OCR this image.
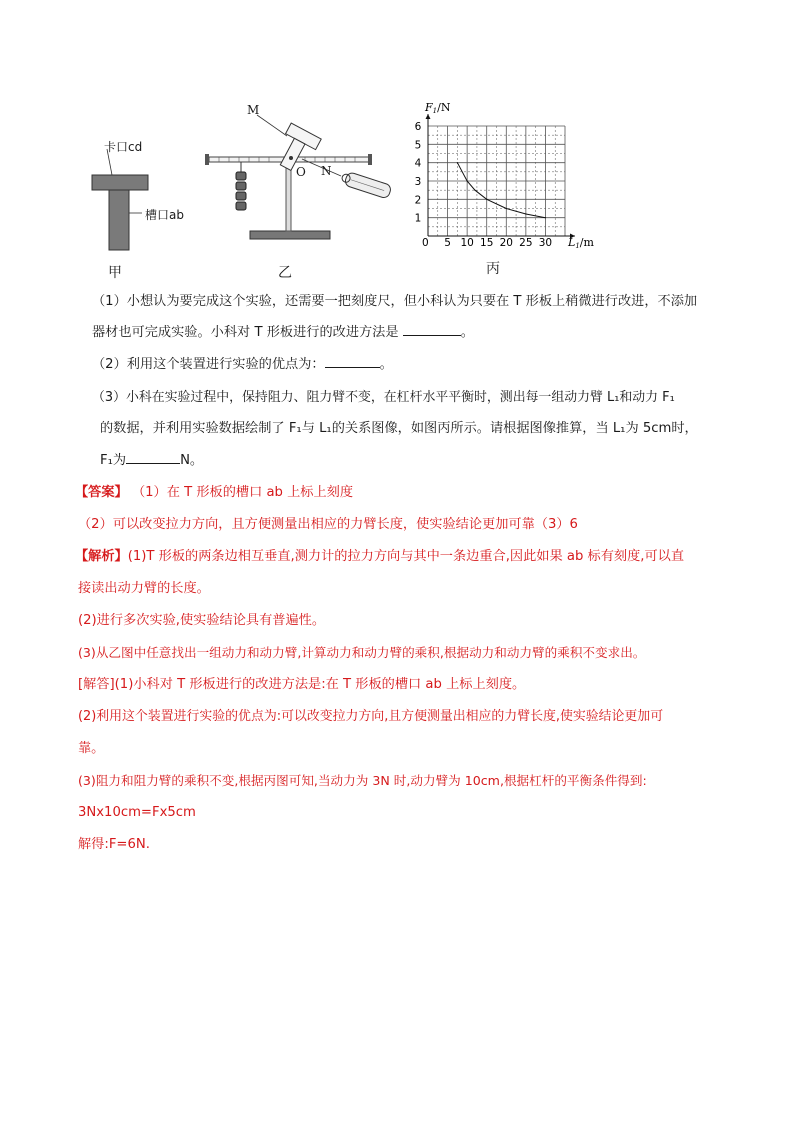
卡口cd
槽口ab
甲
M
O N
乙
5 10 15 20 25 30
1
2
3
4
5
6
F1/N
L1/m
0
丙
（1）小想认为要完成这个实验，还需要一把刻度尺，但小科认为只要在 T 形板上稍微进行改进，不添加
器材也可完成实验。小科对 T 形板进行的改进方法是	。
（2）利用这个装置进行实验的优点为：	。
（3）小科在实验过程中，保持阻力、阻力臂不变，在杠杆水平平衡时，测出每一组动力臂 L₁和动力 F₁
的数据，并利用实验数据绘制了 F₁与 L₁的关系图像，如图丙所示。请根据图像推算，当 L₁为 5cm时，
F₁为	N。
【答案】 （1）在 T 形板的槽口 ab 上标上刻度
（2）可以改变拉力方向，且方便测量出相应的力臂长度，使实验结论更加可靠（3）6
【解析】(1)T 形板的两条边相互垂直,测力计的拉力方向与其中一条边重合,因此如果 ab 标有刻度,可以直
接读出动力臂的长度。
(2)进行多次实验,使实验结论具有普遍性。
(3)从乙图中任意找出一组动力和动力臂,计算动力和动力臂的乘积,根据动力和动力臂的乘积不变求出。
[解答](1)小科对 T 形板进行的改进方法是:在 T 形板的槽口 ab 上标上刻度。
(2)利用这个装置进行实验的优点为:可以改变拉力方向,且方便测量出相应的力臂长度,使实验结论更加可
靠。
(3)阻力和阻力臂的乘积不变,根据丙图可知,当动力为 3N 时,动力臂为 10cm,根据杠杆的平衡条件得到:
3Nx10cm=Fx5cm
解得:F=6N.
